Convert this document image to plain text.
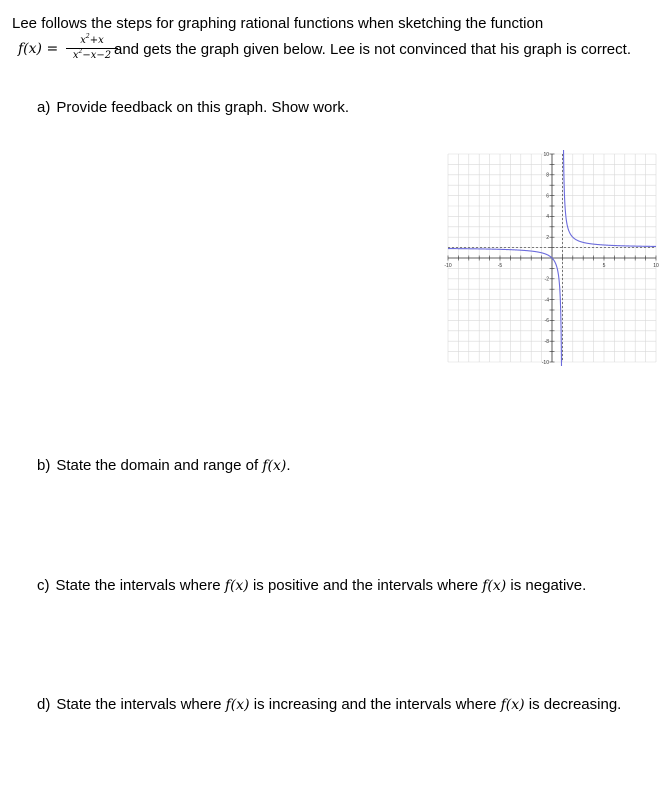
Lee follows the steps for graphing rational functions when sketching the function
f(x) =
$x^2+x$
$x^2-x-2$ and gets the graph given below. Lee is not convinced that his graph is correct.
a) Provide feedback on this graph. Show work.
b) State the domain and range of f(x).
c) State the intervals where f(x) is positive and the intervals where f(x) is negative.
d) State the intervals where f(x) is increasing and the intervals where f(x) is decreasing.
-10	-5	5	10
10
8
6
4
2
-2
-4
-6
-8
-10
